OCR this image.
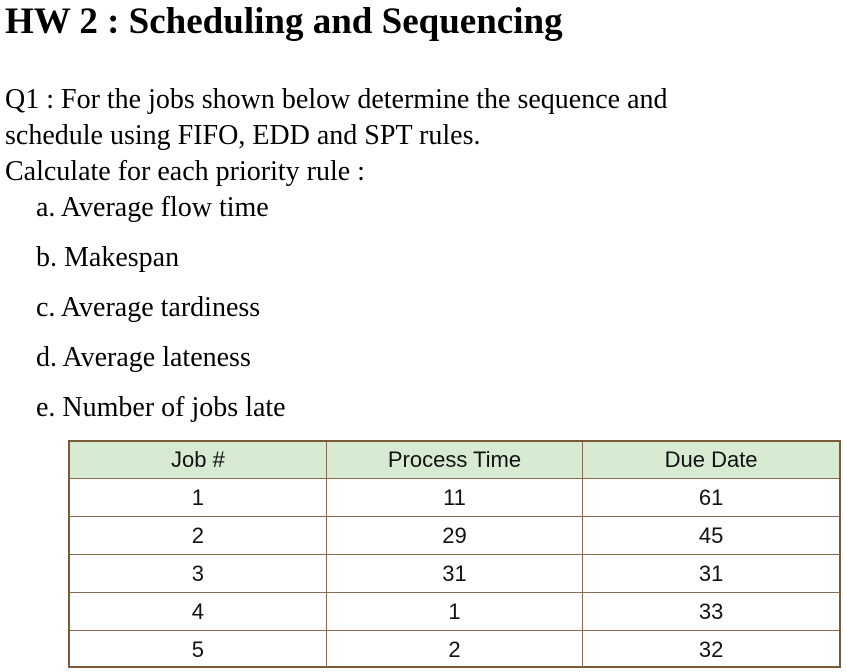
HW 2 : Scheduling and Sequencing
Q1 : For the jobs shown below determine the sequence and
schedule using FIFO, EDD and SPT rules.
Calculate for each priority rule :
a. Average flow time
b. Makespan
c. Average tardiness
d. Average lateness
e. Number of jobs late
Job #	Process Time	Due Date
1	11	61
2	29	45
3	31	31
4	1	33
5	2	32
